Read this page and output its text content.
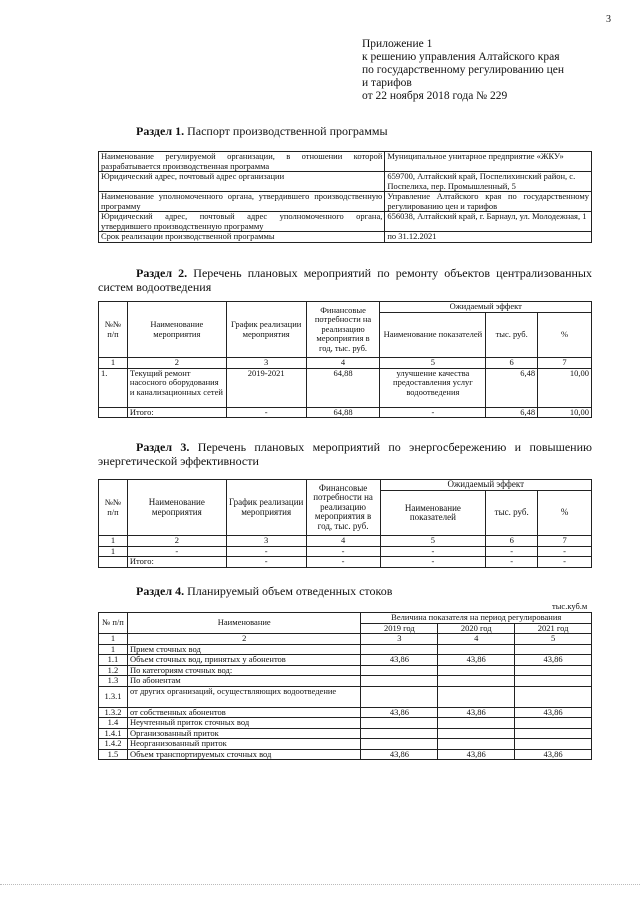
3
Приложение 1
к решению управления Алтайского края
по государственному регулированию цен
и тарифов
от 22 ноября 2018 года № 229
Раздел 1. Паспорт производственной программы
Наименование регулируемой организации, в отношении которой разрабатывается производственная программа	Муниципальное унитарное предприятие «ЖКУ»
Юридический адрес, почтовый адрес организации	659700, Алтайский край, Поспелихинский район, с. Поспелиха, пер. Промышленный, 5
Наименование уполномоченного органа, утвердившего производственную программу	Управление Алтайского края по государственному регулированию цен и тарифов
Юридический адрес, почтовый адрес уполномоченного органа, утвердившего производственную программу	656038, Алтайский край, г. Барнаул, ул. Молодежная, 1
Срок реализации производственной программы	по 31.12.2021
Раздел 2. Перечень плановых мероприятий по ремонту объектов централизованных систем водоотведения
№№ п/п	Наименование мероприятия	График реализации мероприятия	Финансовые потребности на реализацию мероприятия в год, тыс. руб.	Ожидаемый эффект		
				Наименование показателей	тыс. руб.	%
1	2	3	4	5	6	7
1.	Текущий ремонт насосного оборудования и канализационных сетей	2019-2021	64,88	улучшение качества предоставления услуг водоотведения	6,48	10,00
	Итого:	-	64,88	-	6,48	10,00
Раздел 3. Перечень плановых мероприятий по энергосбережению и повышению энергетической эффективности
№№ п/п	Наименование мероприятия	График реализации мероприятия	Финансовые потребности на реализацию мероприятия в год, тыс. руб.	Ожидаемый эффект		
				Наименование показателей	тыс. руб.	%
1	2	3	4	5	6	7
1	-	-	-	-	-	-
	Итого:	-	-	-	-	-
Раздел 4. Планируемый объем отведенных стоков
тыс.куб.м
№ п/п	Наименование	Величина показателя на период регулирования		
		2019 год	2020 год	2021 год
1	2	3	4	5
1	Прием сточных вод			
1.1	Объем сточных вод, принятых у абонентов	43,86	43,86	43,86
1.2	По категориям сточных вод:			
1.3	По абонентам			
1.3.1	от других организаций, осуществляющих водоотведение			
1.3.2	от собственных абонентов	43,86	43,86	43,86
1.4	Неучтенный приток сточных вод			
1.4.1	Организованный приток			
1.4.2	Неорганизованный приток			
1.5	Объем транспортируемых сточных вод	43,86	43,86	43,86
